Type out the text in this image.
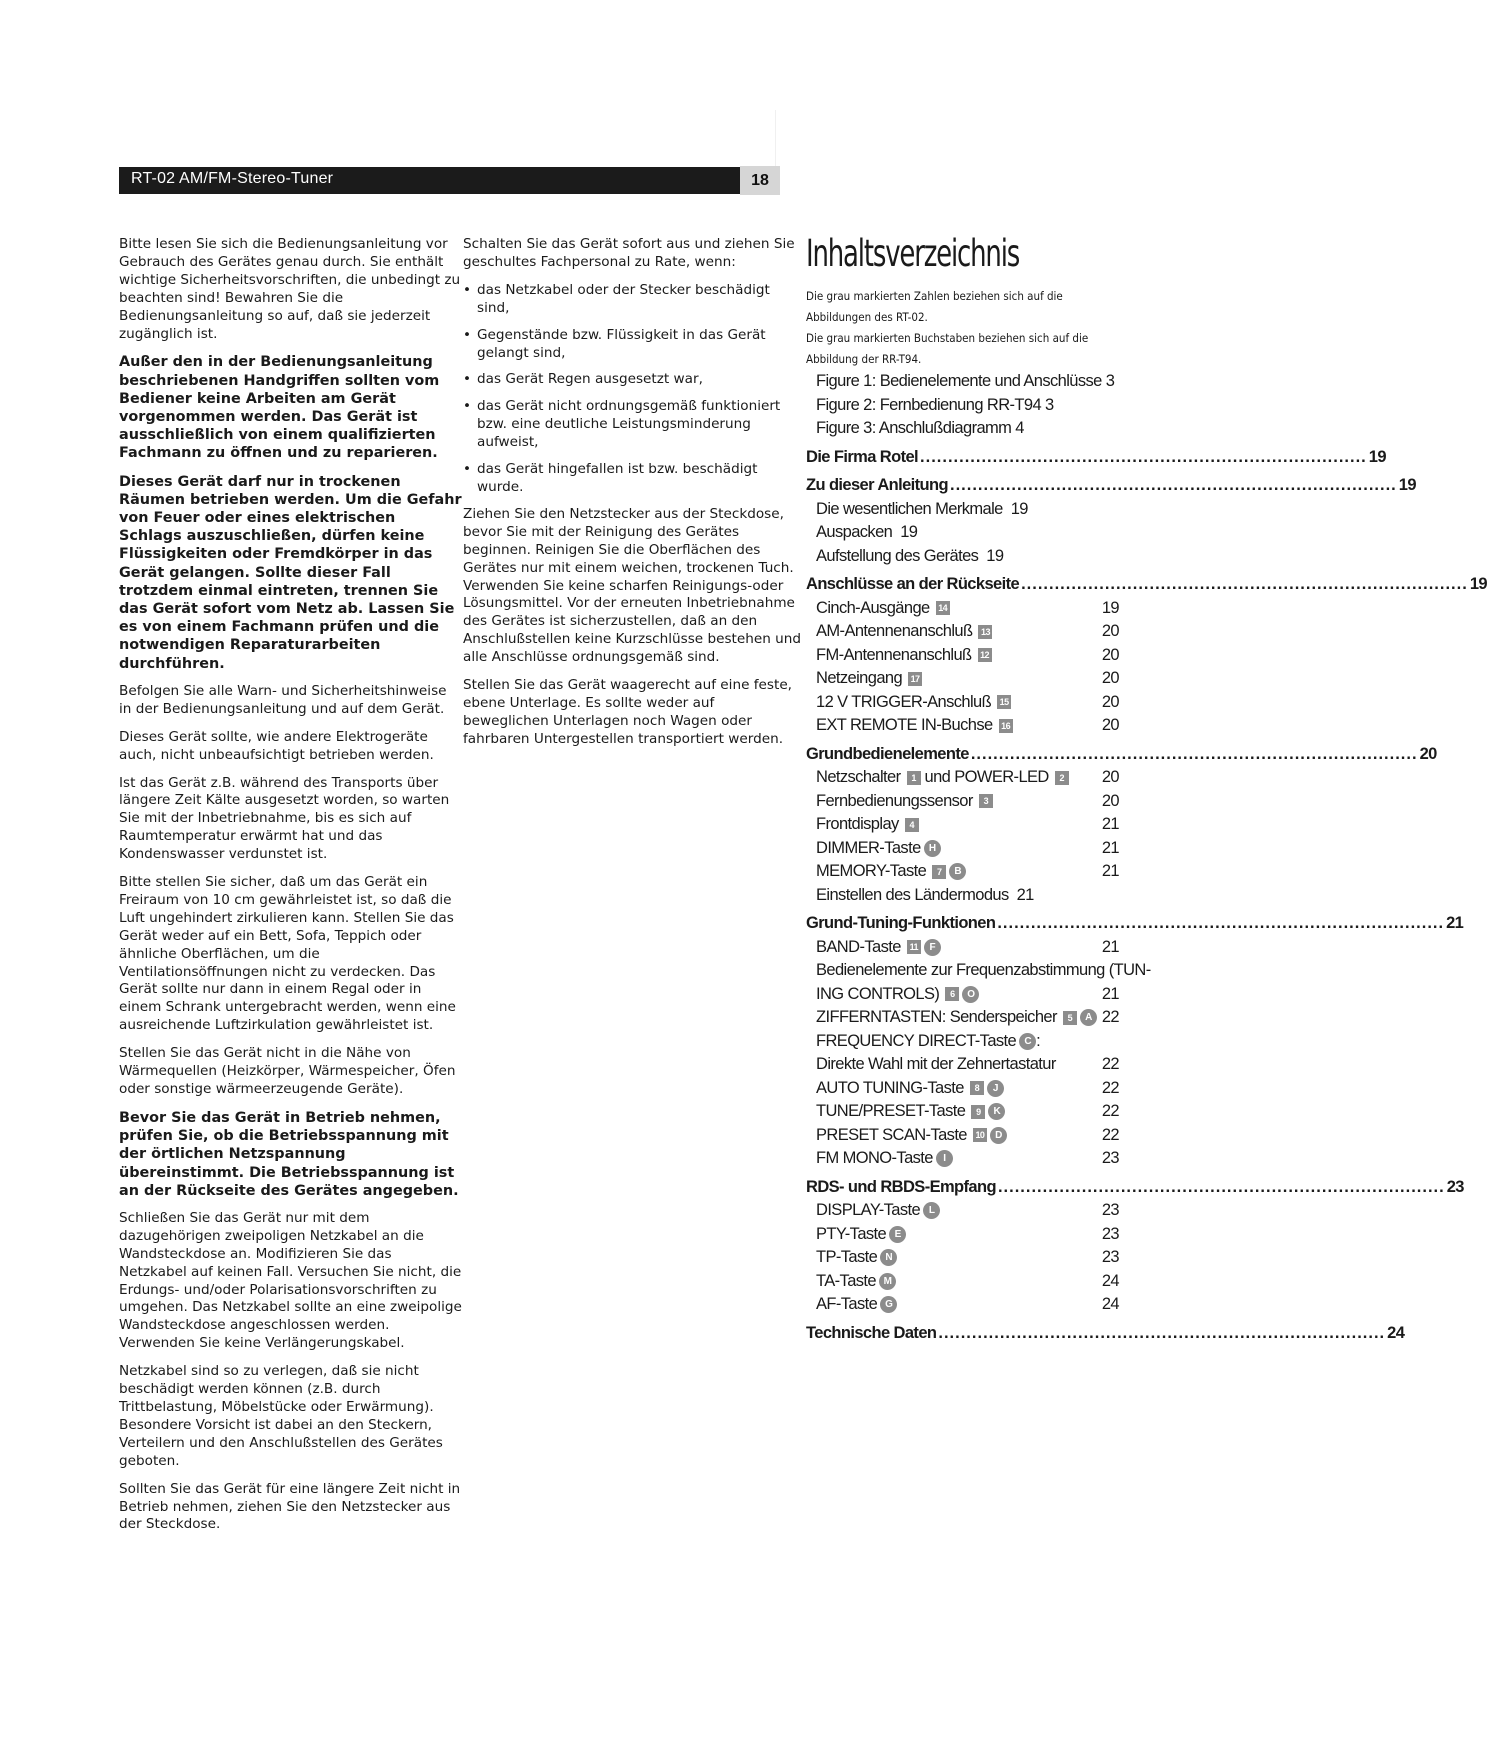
RT-02 AM/FM-Stereo-Tuner	18

Bitte lesen Sie sich die Bedienungsanleitung vor Gebrauch des Gerätes genau durch. Sie enthält wichtige Sicherheitsvorschriften, die unbedingt zu beachten sind! Bewahren Sie die Bedienungsanleitung so auf, daß sie jederzeit zugänglich ist.

Außer den in der Bedienungsanleitung beschriebenen Handgriffen sollten vom Bediener keine Arbeiten am Gerät vorgenommen werden. Das Gerät ist ausschließlich von einem qualifizierten Fachmann zu öffnen und zu reparieren.

Dieses Gerät darf nur in trockenen Räumen betrieben werden. Um die Gefahr von Feuer oder eines elektrischen Schlags auszuschließen, dürfen keine Flüssigkeiten oder Fremdkörper in das Gerät gelangen. Sollte dieser Fall trotzdem einmal eintreten, trennen Sie das Gerät sofort vom Netz ab. Lassen Sie es von einem Fachmann prüfen und die notwendigen Reparaturarbeiten durchführen.

Befolgen Sie alle Warn- und Sicherheitshinweise in der Bedienungsanleitung und auf dem Gerät.

Dieses Gerät sollte, wie andere Elektrogeräte auch, nicht unbeaufsichtigt betrieben werden.

Ist das Gerät z.B. während des Transports über längere Zeit Kälte ausgesetzt worden, so warten Sie mit der Inbetriebnahme, bis es sich auf Raumtemperatur erwärmt hat und das Kondenswasser verdunstet ist.

Bitte stellen Sie sicher, daß um das Gerät ein Freiraum von 10 cm gewährleistet ist, so daß die Luft ungehindert zirkulieren kann. Stellen Sie das Gerät weder auf ein Bett, Sofa, Teppich oder ähnliche Oberflächen, um die Ventilationsöffnungen nicht zu verdecken. Das Gerät sollte nur dann in einem Regal oder in einem Schrank untergebracht werden, wenn eine ausreichende Luftzirkulation gewährleistet ist.

Stellen Sie das Gerät nicht in die Nähe von Wärmequellen (Heizkörper, Wärmespeicher, Öfen oder sonstige wärmeerzeugende Geräte).

Bevor Sie das Gerät in Betrieb nehmen, prüfen Sie, ob die Betriebsspannung mit der örtlichen Netzspannung übereinstimmt. Die Betriebsspannung ist an der Rückseite des Gerätes angegeben.

Schließen Sie das Gerät nur mit dem dazugehörigen zweipoligen Netzkabel an die Wandsteckdose an. Modifizieren Sie das Netzkabel auf keinen Fall. Versuchen Sie nicht, die Erdungs- und/oder Polarisationsvorschriften zu umgehen. Das Netzkabel sollte an eine zweipolige Wandsteckdose angeschlossen werden. Verwenden Sie keine Verlängerungskabel.

Netzkabel sind so zu verlegen, daß sie nicht beschädigt werden können (z.B. durch Trittbelastung, Möbelstücke oder Erwärmung). Besondere Vorsicht ist dabei an den Steckern, Verteilern und den Anschlußstellen des Gerätes geboten.

Sollten Sie das Gerät für eine längere Zeit nicht in Betrieb nehmen, ziehen Sie den Netzstecker aus der Steckdose.

Schalten Sie das Gerät sofort aus und ziehen Sie geschultes Fachpersonal zu Rate, wenn:

• das Netzkabel oder der Stecker beschädigt sind,
• Gegenstände bzw. Flüssigkeit in das Gerät gelangt sind,
• das Gerät Regen ausgesetzt war,
• das Gerät nicht ordnungsgemäß funktioniert bzw. eine deutliche Leistungsminderung aufweist,
• das Gerät hingefallen ist bzw. beschädigt wurde.

Ziehen Sie den Netzstecker aus der Steckdose, bevor Sie mit der Reinigung des Gerätes beginnen. Reinigen Sie die Oberflächen des Gerätes nur mit einem weichen, trockenen Tuch. Verwenden Sie keine scharfen Reinigungs-oder Lösungsmittel. Vor der erneuten Inbetriebnahme des Gerätes ist sicherzustellen, daß an den Anschlußstellen keine Kurzschlüsse bestehen und alle Anschlüsse ordnungsgemäß sind.

Stellen Sie das Gerät waagerecht auf eine feste, ebene Unterlage. Es sollte weder auf beweglichen Unterlagen noch Wagen oder fahrbaren Untergestellen transportiert werden.

Inhaltsverzeichnis

Die grau markierten Zahlen beziehen sich auf die Abbildungen des RT-02.

Die grau markierten Buchstaben beziehen sich auf die Abbildung der RR-T94.

Figure 1: Bedienelemente und Anschlüsse 3
Figure 2: Fernbedienung RR-T94 3
Figure 3: Anschlußdiagramm 4
Die Firma Rotel ................................................................................ 19
Zu dieser Anleitung ................................................................................ 19
Die wesentlichen Merkmale 19
Auspacken 19
Aufstellung des Gerätes 19
Anschlüsse an der Rückseite ................................................................................ 19
Cinch-Ausgänge 14	19
AM-Antennenanschluß 13	20
FM-Antennenanschluß 12	20
Netzeingang 17	20
12 V TRIGGER-Anschluß 15	20
EXT REMOTE IN-Buchse 16	20
Grundbedienelemente ................................................................................ 20
Netzschalter	1 und POWER-LED	2 20
Fernbedienungssensor	3	20
Frontdisplay	4	21
DIMMER-Taste H	21
MEMORY-Taste	7	B	21
Einstellen des Ländermodus 21
Grund-Tuning-Funktionen ................................................................................ 21
BAND-Taste 11	F	21
Bedienelemente zur Frequenzabstimmung (TUN-
ING CONTROLS)	6	O	21
ZIFFERNTASTEN: Senderspeicher	5	A 22
FREQUENCY DIRECT-Taste C :
Direkte Wahl mit der Zehnertastatur	22
AUTO TUNING-Taste	8	J	22
TUNE/PRESET-Taste	9	K	22
PRESET SCAN-Taste 10	D	22
FM MONO-Taste	I	23
RDS- und RBDS-Empfang ................................................................................ 23
DISPLAY-Taste L	23
PTY-Taste E	23
TP-Taste N	23
TA-Taste M	24
AF-Taste G	24
Technische Daten ................................................................................ 24
